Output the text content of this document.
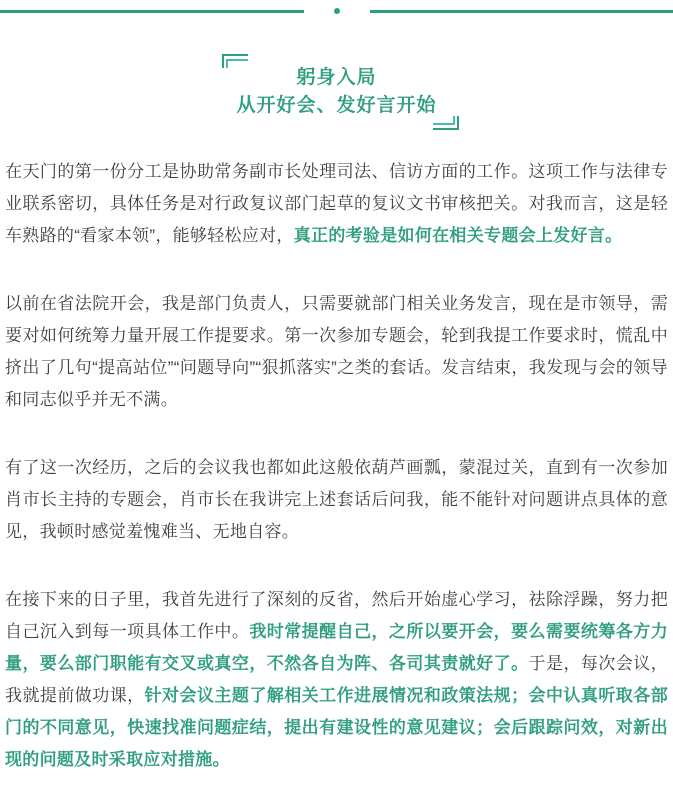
躬身入局
从开好会、发好言开始

在天门的第一份分工是协助常务副市长处理司法、信访方面的工作。这项工作与法律专业联系密切，具体任务是对行政复议部门起草的复议文书审核把关。对我而言，这是轻车熟路的“看家本领”，能够轻松应对，真正的考验是如何在相关专题会上发好言。

以前在省法院开会，我是部门负责人，只需要就部门相关业务发言，现在是市领导，需要对如何统筹力量开展工作提要求。第一次参加专题会，轮到我提工作要求时，慌乱中挤出了几句“提高站位”“问题导向”“狠抓落实”之类的套话。发言结束，我发现与会的领导和同志似乎并无不满。

有了这一次经历，之后的会议我也都如此这般依葫芦画瓢，蒙混过关，直到有一次参加肖市长主持的专题会，肖市长在我讲完上述套话后问我，能不能针对问题讲点具体的意见，我顿时感觉羞愧难当、无地自容。

在接下来的日子里，我首先进行了深刻的反省，然后开始虚心学习，祛除浮躁，努力把自己沉入到每一项具体工作中。我时常提醒自己，之所以要开会，要么需要统筹各方力量，要么部门职能有交叉或真空，不然各自为阵、各司其责就好了。于是，每次会议，我就提前做功课，针对会议主题了解相关工作进展情况和政策法规；会中认真听取各部门的不同意见，快速找准问题症结，提出有建设性的意见建议；会后跟踪问效，对新出现的问题及时采取应对措施。
